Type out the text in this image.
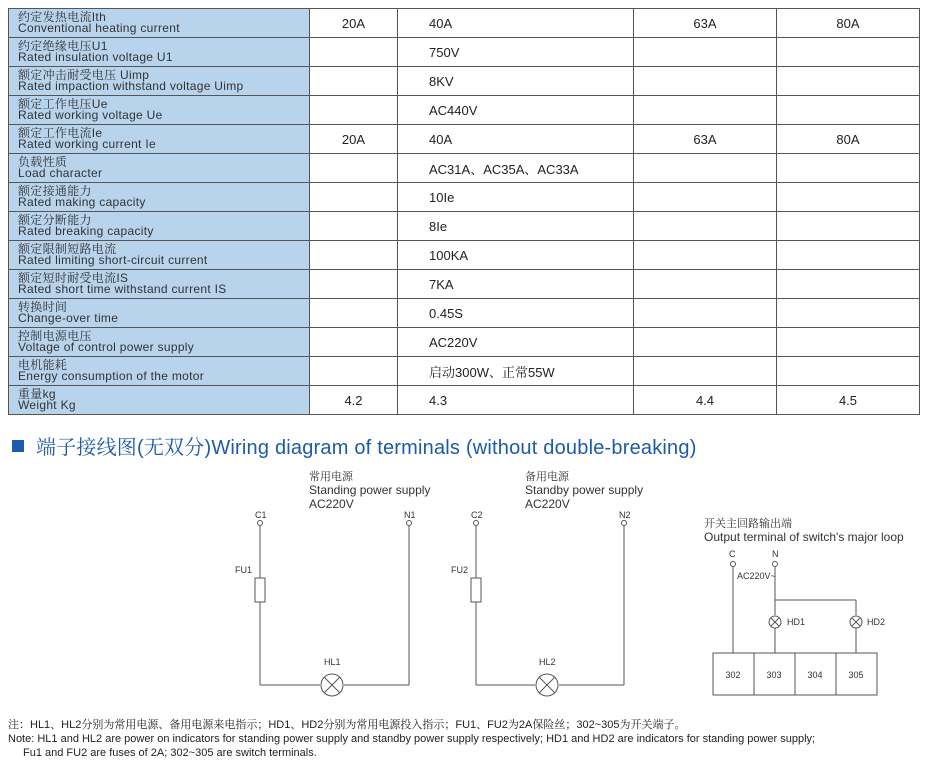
约定发热电流Ith
Conventional heating current	20A	40A	63A	80A

约定绝缘电压U1
Rated insulation voltage U1		750V		

额定冲击耐受电压 Uimp
Rated impaction withstand voltage Uimp		8KV		

额定工作电压Ue
Rated working voltage Ue		AC440V		

额定工作电流Ie
Rated working current Ie	20A	40A	63A	80A

负载性质
Load character		AC31A、AC35A、AC33A		

额定接通能力
Rated making capacity		10Ie		

额定分断能力
Rated breaking capacity		8Ie		

额定限制短路电流
Rated limiting short-circuit current		100KA		

额定短时耐受电流IS
Rated short time withstand current IS		7KA		

转换时间
Change-over time		0.45S		

控制电源电压
Voltage of control power supply		AC220V		

电机能耗
Energy consumption of the motor		启动300W、正常55W		

重量kg
Weight Kg	4.2	4.3	4.4	4.5
端子接线图(无双分)Wiring diagram of terminals (without double-breaking)
常用电源
Standing power supply
AC220V
C1	N1
FU1
HL1
备用电源
Standby power supply
AC220V
C2	N2
FU2
HL2
开关主回路输出端
Output terminal of switch's major loop
C	N
AC220V~
HD1	HD2
302	303	304	305
注：HL1、HL2分别为常用电源、备用电源来电指示；HD1、HD2分别为常用电源投入指示；FU1、FU2为2A保险丝；302~305为开关端子。
Note: HL1 and HL2 are power on indicators for standing power supply and standby power supply respectively; HD1 and HD2 are indicators for standing power supply;
Fu1 and FU2 are fuses of 2A; 302~305 are switch terminals.
